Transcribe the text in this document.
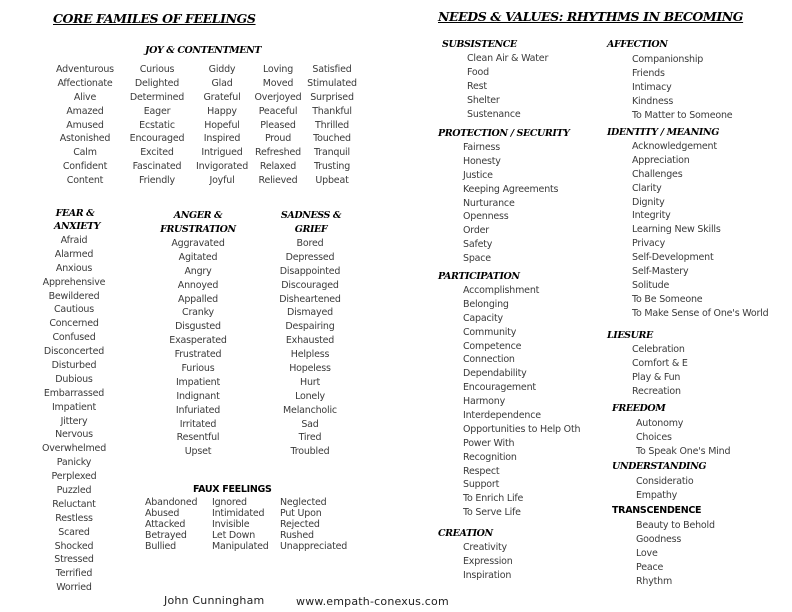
CORE FAMILES OF FEELINGS
JOY & CONTENTMENT
Adventurous
Affectionate
Alive
Amazed
Amused
Astonished
Calm
Confident
Content
Curious
Delighted
Determined
Eager
Ecstatic
Encouraged
Excited
Fascinated
Friendly
Giddy
Glad
Grateful
Happy
Hopeful
Inspired
Intrigued
Invigorated
Joyful
Loving
Moved
Overjoyed
Peaceful
Pleased
Proud
Refreshed
Relaxed
Relieved
Satisfied
Stimulated
Surprised
Thankful
Thrilled
Touched
Tranquil
Trusting
Upbeat
FEAR &
ANXIETY
Afraid
Alarmed
Anxious
Apprehensive
Bewildered
Cautious
Concerned
Confused
Disconcerted
Disturbed
Dubious
Embarrassed
Impatient
Jittery
Nervous
Overwhelmed
Panicky
Perplexed
Puzzled
Reluctant
Restless
Scared
Shocked
Stressed
Terrified
Worried
ANGER &
FRUSTRATION
Aggravated
Agitated
Angry
Annoyed
Appalled
Cranky
Disgusted
Exasperated
Frustrated
Furious
Impatient
Indignant
Infuriated
Irritated
Resentful
Upset
SADNESS &
GRIEF
Bored
Depressed
Disappointed
Discouraged
Disheartened
Dismayed
Despairing
Exhausted
Helpless
Hopeless
Hurt
Lonely
Melancholic
Sad
Tired
Troubled
FAUX FEELINGS
Abandoned
Abused
Attacked
Betrayed
Bullied
Ignored
Intimidated
Invisible
Let Down
Manipulated
Neglected
Put Upon
Rejected
Rushed
Unappreciated
John Cunningham	www.empath-conexus.com
NEEDS & VALUES: RHYTHMS IN BECOMING
SUBSISTENCE
Clean Air & Water
Food
Rest
Shelter
Sustenance
PROTECTION / SECURITY
Fairness
Honesty
Justice
Keeping Agreements
Nurturance
Openness
Order
Safety
Space
PARTICIPATION
Accomplishment
Belonging
Capacity
Community
Competence
Connection
Dependability
Encouragement
Harmony
Interdependence
Opportunities to Help Oth
Power With
Recognition
Respect
Support
To Enrich Life
To Serve Life
CREATION
Creativity
Expression
Inspiration
AFFECTION
Companionship
Friends
Intimacy
Kindness
To Matter to Someone
IDENTITY / MEANING
Acknowledgement
Appreciation
Challenges
Clarity
Dignity
Integrity
Learning New Skills
Privacy
Self-Development
Self-Mastery
Solitude
To Be Someone
To Make Sense of One's World
LIESURE
Celebration
Comfort & E
Play & Fun
Recreation
FREEDOM
Autonomy
Choices
To Speak One's Mind
UNDERSTANDING
Consideratio
Empathy
TRANSCENDENCE
Beauty to Behold
Goodness
Love
Peace
Rhythm
